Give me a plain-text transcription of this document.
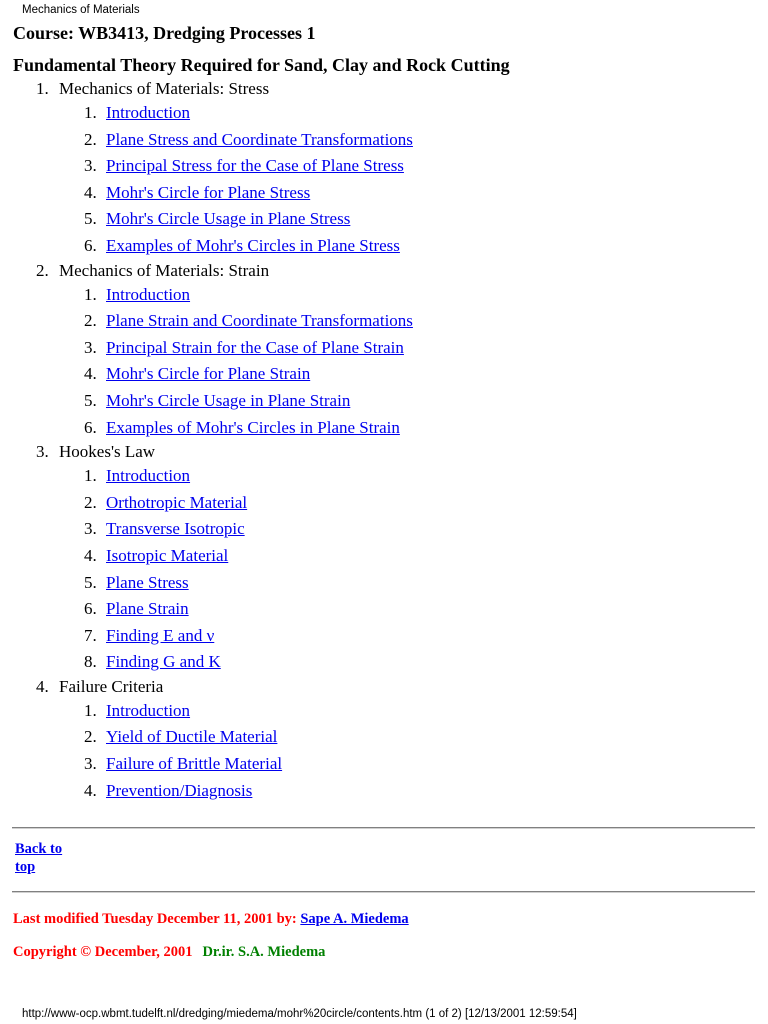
Mechanics of Materials
Course: WB3413, Dredging Processes 1
Fundamental Theory Required for Sand, Clay and Rock Cutting
1. Mechanics of Materials: Stress
1. Introduction
2. Plane Stress and Coordinate Transformations
3. Principal Stress for the Case of Plane Stress
4. Mohr's Circle for Plane Stress
5. Mohr's Circle Usage in Plane Stress
6. Examples of Mohr's Circles in Plane Stress
2. Mechanics of Materials: Strain
1. Introduction
2. Plane Strain and Coordinate Transformations
3. Principal Strain for the Case of Plane Strain
4. Mohr's Circle for Plane Strain
5. Mohr's Circle Usage in Plane Strain
6. Examples of Mohr's Circles in Plane Strain
3. Hookes's Law
1. Introduction
2. Orthotropic Material
3. Transverse Isotropic
4. Isotropic Material
5. Plane Stress
6. Plane Strain
7. Finding E and ν
8. Finding G and K
4. Failure Criteria
1. Introduction
2. Yield of Ductile Material
3. Failure of Brittle Material
4. Prevention/Diagnosis
Back to top
Last modified Tuesday December 11, 2001 by: Sape A. Miedema
Copyright © December, 2001 Dr.ir. S.A. Miedema
http://www-ocp.wbmt.tudelft.nl/dredging/miedema/mohr%20circle/contents.htm (1 of 2) [12/13/2001 12:59:54]
